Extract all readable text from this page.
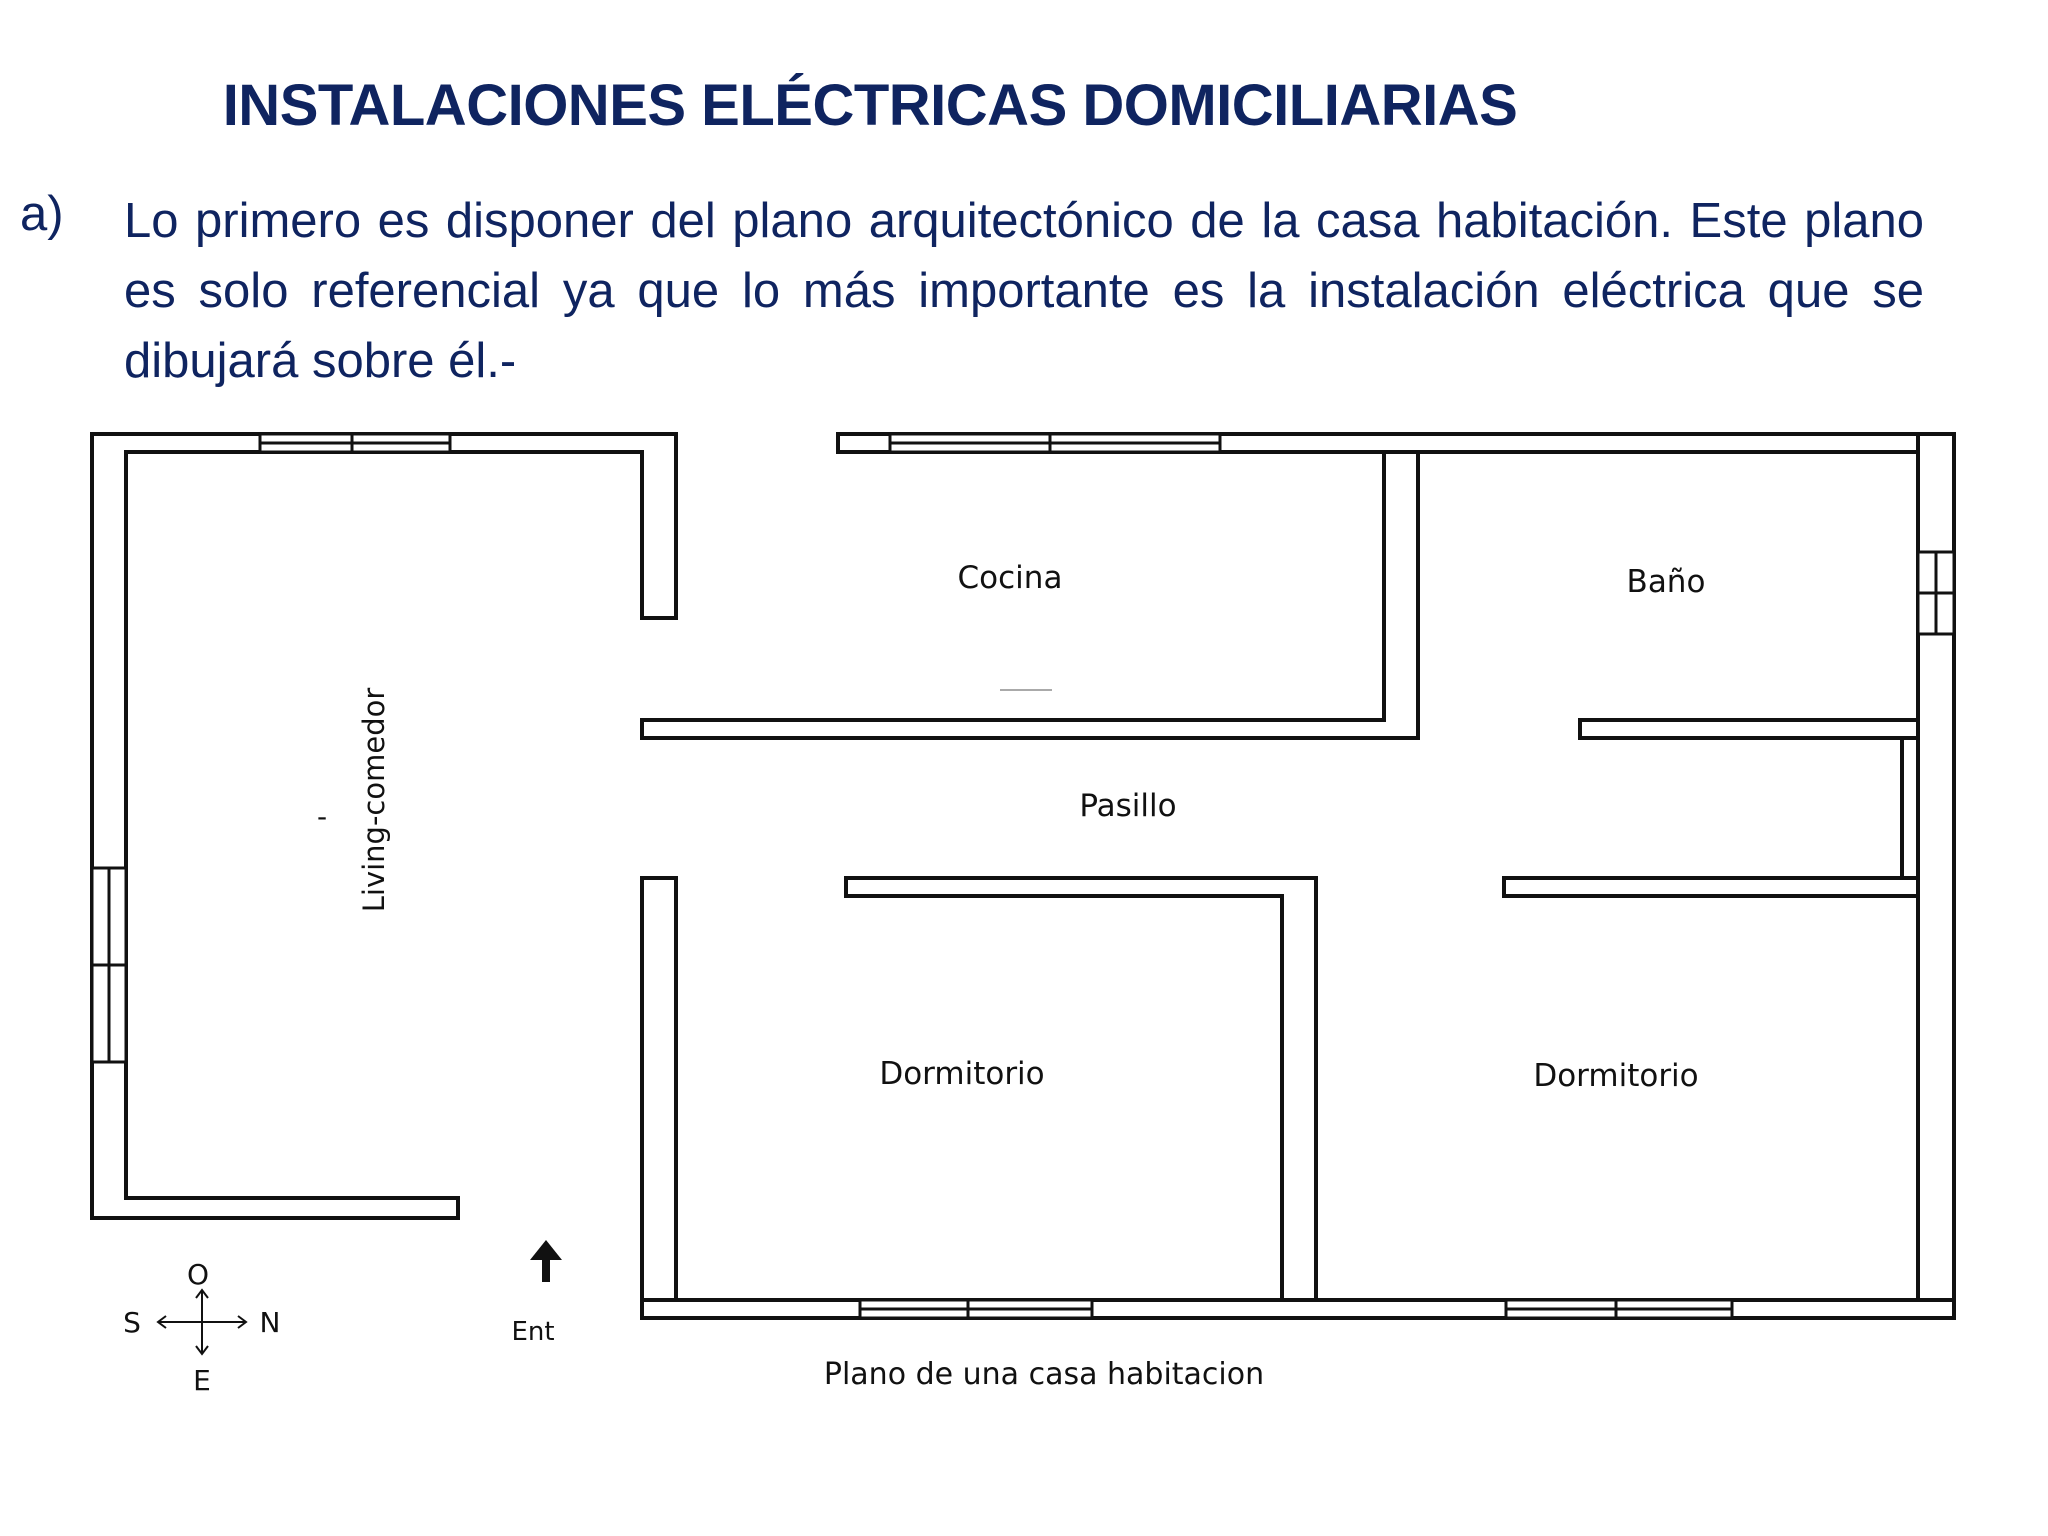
INSTALACIONES ELÉCTRICAS DOMICILIARIAS
a) Lo primero es disponer del plano arquitectónico de la casa habitación. Este plano es solo referencial ya que lo más importante es la instalación eléctrica que se dibujará sobre él.-
Cocina	Baño
Pasillo
Dormitorio	Dormitorio
Living-comedor
-
Ent
O
E
S	N
Plano de una casa habitacion
